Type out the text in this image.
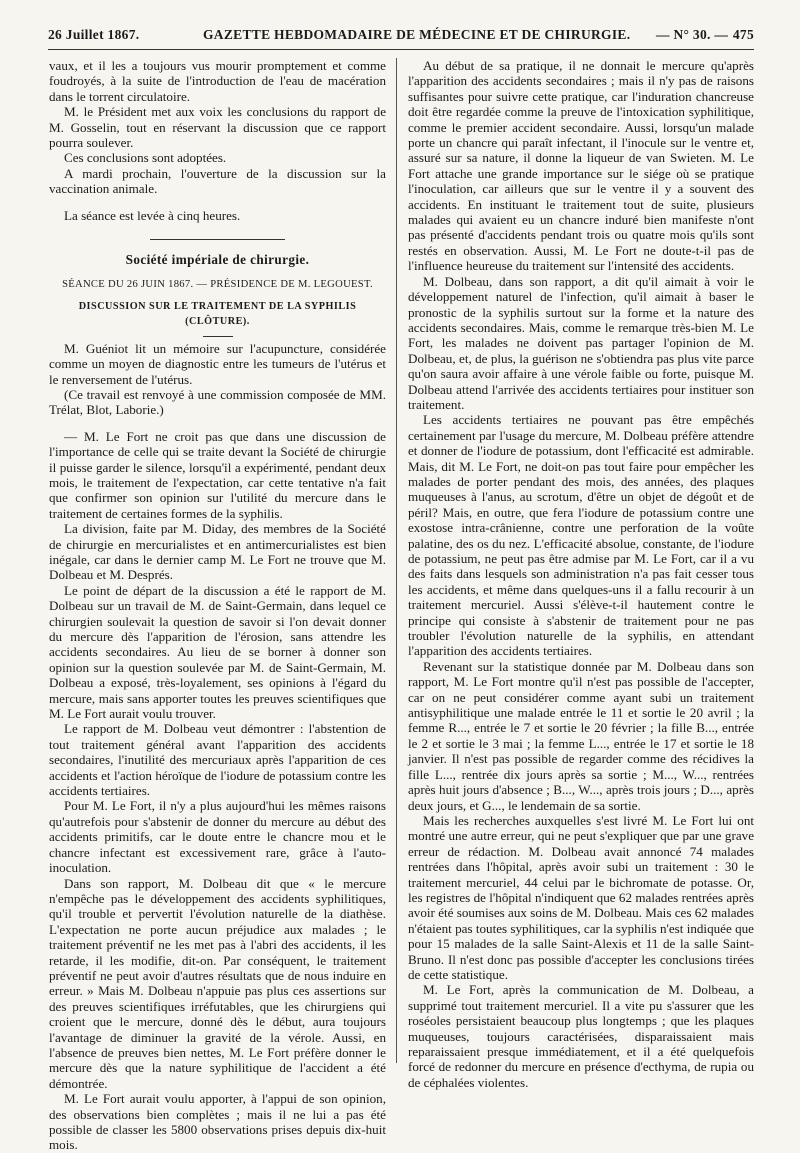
26 Juillet 1867.	GAZETTE HEBDOMADAIRE DE MÉDECINE ET DE CHIRURGIE. — N° 30. — 475

vaux, et il les a toujours vus mourir promptement et comme foudroyés, à la suite de l'introduction de l'eau de macération dans le torrent circulatoire.

M. le Président met aux voix les conclusions du rapport de M. Gosselin, tout en réservant la discussion que ce rapport pourra soulever.

Ces conclusions sont adoptées.

A mardi prochain, l'ouverture de la discussion sur la vaccination animale.

La séance est levée à cinq heures.

Société impériale de chirurgie.
SÉANCE DU 26 JUIN 1867. — PRÉSIDENCE DE M. LEGOUEST.
DISCUSSION SUR LE TRAITEMENT DE LA SYPHILIS (CLÔTURE).

M. Guéniot lit un mémoire sur l'acupuncture, considérée comme un moyen de diagnostic entre les tumeurs de l'utérus et le renversement de l'utérus.

(Ce travail est renvoyé à une commission composée de MM. Trélat, Blot, Laborie.)

— M. Le Fort ne croit pas que dans une discussion de l'importance de celle qui se traite devant la Société de chirurgie il puisse garder le silence, lorsqu'il a expérimenté, pendant deux mois, le traitement de l'expectation, car cette tentative n'a fait que confirmer son opinion sur l'utilité du mercure dans le traitement de certaines formes de la syphilis.

La division, faite par M. Diday, des membres de la Société de chirurgie en mercurialistes et en antimercurialistes est bien inégale, car dans le dernier camp M. Le Fort ne trouve que M. Dolbeau et M. Després.

Le point de départ de la discussion a été le rapport de M. Dolbeau sur un travail de M. de Saint-Germain, dans lequel ce chirurgien soulevait la question de savoir si l'on devait donner du mercure dès l'apparition de l'érosion, sans attendre les accidents secondaires. Au lieu de se borner à donner son opinion sur la question soulevée par M. de Saint-Germain, M. Dolbeau a exposé, très-loyalement, ses opinions à l'égard du mercure, mais sans apporter toutes les preuves scientifiques que M. Le Fort aurait voulu trouver.

Le rapport de M. Dolbeau veut démontrer : l'abstention de tout traitement général avant l'apparition des accidents secondaires, l'inutilité des mercuriaux après l'apparition de ces accidents et l'action héroïque de l'iodure de potassium contre les accidents tertiaires.

Pour M. Le Fort, il n'y a plus aujourd'hui les mêmes raisons qu'autrefois pour s'abstenir de donner du mercure au début des accidents primitifs, car le doute entre le chancre mou et le chancre infectant est excessivement rare, grâce à l'auto-inoculation.

Dans son rapport, M. Dolbeau dit que « le mercure n'empêche pas le développement des accidents syphilitiques, qu'il trouble et pervertit l'évolution naturelle de la diathèse. L'expectation ne porte aucun préjudice aux malades ; le traitement préventif ne les met pas à l'abri des accidents, il les retarde, il les modifie, dit-on. Par conséquent, le traitement préventif ne peut avoir d'autres résultats que de nous induire en erreur. » Mais M. Dolbeau n'appuie pas plus ces assertions sur des preuves scientifiques irréfutables, que les chirurgiens qui croient que le mercure, donné dès le début, aura toujours l'avantage de diminuer la gravité de la vérole. Aussi, en l'absence de preuves bien nettes, M. Le Fort préfère donner le mercure dès que la nature syphilitique de l'accident a été démontrée.

M. Le Fort aurait voulu apporter, à l'appui de son opinion, des observations bien complètes ; mais il ne lui a pas été possible de classer les 5800 observations prises depuis dix-huit mois.

Au début de sa pratique, il ne donnait le mercure qu'après l'apparition des accidents secondaires ; mais il n'y pas de raisons suffisantes pour suivre cette pratique, car l'induration chancreuse doit être regardée comme la preuve de l'intoxication syphilitique, comme le premier accident secondaire. Aussi, lorsqu'un malade porte un chancre qui paraît infectant, il l'inocule sur le ventre et, assuré sur sa nature, il donne la liqueur de van Swieten. M. Le Fort attache une grande importance sur le siége où se pratique l'inoculation, car ailleurs que sur le ventre il y a souvent des accidents. En instituant le traitement tout de suite, plusieurs malades qui avaient eu un chancre induré bien manifeste n'ont pas présenté d'accidents pendant trois ou quatre mois qu'ils sont restés en observation. Aussi, M. Le Fort ne doute-t-il pas de l'influence heureuse du traitement sur l'intensité des accidents.

M. Dolbeau, dans son rapport, a dit qu'il aimait à voir le développement naturel de l'infection, qu'il aimait à baser le pronostic de la syphilis surtout sur la forme et la nature des accidents secondaires. Mais, comme le remarque très-bien M. Le Fort, les malades ne doivent pas partager l'opinion de M. Dolbeau, et, de plus, la guérison ne s'obtiendra pas plus vite parce qu'on saura avoir affaire à une vérole faible ou forte, puisque M. Dolbeau attend l'arrivée des accidents tertiaires pour instituer son traitement.

Les accidents tertiaires ne pouvant pas être empêchés certainement par l'usage du mercure, M. Dolbeau préfère attendre et donner de l'iodure de potassium, dont l'efficacité est admirable. Mais, dit M. Le Fort, ne doit-on pas tout faire pour empêcher les malades de porter pendant des mois, des années, des plaques muqueuses à l'anus, au scrotum, d'être un objet de dégoût et de péril? Mais, en outre, que fera l'iodure de potassium contre une exostose intra-crânienne, contre une perforation de la voûte palatine, des os du nez. L'efficacité absolue, constante, de l'iodure de potassium, ne peut pas être admise par M. Le Fort, car il a vu des faits dans lesquels son administration n'a pas fait cesser tous les accidents, et même dans quelques-uns il a fallu recourir à un traitement mercuriel. Aussi s'élève-t-il hautement contre le principe qui consiste à s'abstenir de traitement pour ne pas troubler l'évolution naturelle de la syphilis, en attendant l'apparition des accidents tertiaires.

Revenant sur la statistique donnée par M. Dolbeau dans son rapport, M. Le Fort montre qu'il n'est pas possible de l'accepter, car on ne peut considérer comme ayant subi un traitement antisyphilitique une malade entrée le 11 et sortie le 20 avril ; la femme R..., entrée le 7 et sortie le 20 février ; la fille B..., entrée le 2 et sortie le 3 mai ; la femme L..., entrée le 17 et sortie le 18 janvier. Il n'est pas possible de regarder comme des récidives la fille L..., rentrée dix jours après sa sortie ; M..., W..., rentrées après huit jours d'absence ; B..., W..., après trois jours ; D..., après deux jours, et G..., le lendemain de sa sortie.

Mais les recherches auxquelles s'est livré M. Le Fort lui ont montré une autre erreur, qui ne peut s'expliquer que par une grave erreur de rédaction. M. Dolbeau avait annoncé 74 malades rentrées dans l'hôpital, après avoir subi un traitement : 30 le traitement mercuriel, 44 celui par le bichromate de potasse. Or, les registres de l'hôpital n'indiquent que 62 malades rentrées après avoir été soumises aux soins de M. Dolbeau. Mais ces 62 malades n'étaient pas toutes syphilitiques, car la syphilis n'est indiquée que pour 15 malades de la salle Saint-Alexis et 11 de la salle Saint-Bruno. Il n'est donc pas possible d'accepter les conclusions tirées de cette statistique.

M. Le Fort, après la communication de M. Dolbeau, a supprimé tout traitement mercuriel. Il a vite pu s'assurer que les roséoles persistaient beaucoup plus longtemps ; que les plaques muqueuses, toujours caractérisées, disparaissaient mais reparaissaient presque immédiatement, et il a été quelquefois forcé de redonner du mercure en présence d'ecthyma, de rupia ou de céphalées violentes.
